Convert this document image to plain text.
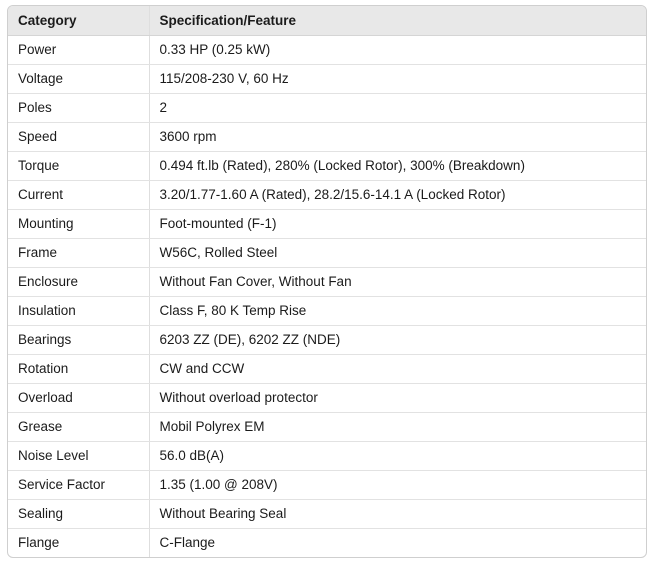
Category	Specification/Feature
Power	0.33 HP (0.25 kW)
Voltage	115/208-230 V, 60 Hz
Poles	2
Speed	3600 rpm
Torque	0.494 ft.lb (Rated), 280% (Locked Rotor), 300% (Breakdown)
Current	3.20/1.77-1.60 A (Rated), 28.2/15.6-14.1 A (Locked Rotor)
Mounting	Foot-mounted (F-1)
Frame	W56C, Rolled Steel
Enclosure	Without Fan Cover, Without Fan
Insulation	Class F, 80 K Temp Rise
Bearings	6203 ZZ (DE), 6202 ZZ (NDE)
Rotation	CW and CCW
Overload	Without overload protector
Grease	Mobil Polyrex EM
Noise Level	56.0 dB(A)
Service Factor	1.35 (1.00 @ 208V)
Sealing	Without Bearing Seal
Flange	C-Flange
